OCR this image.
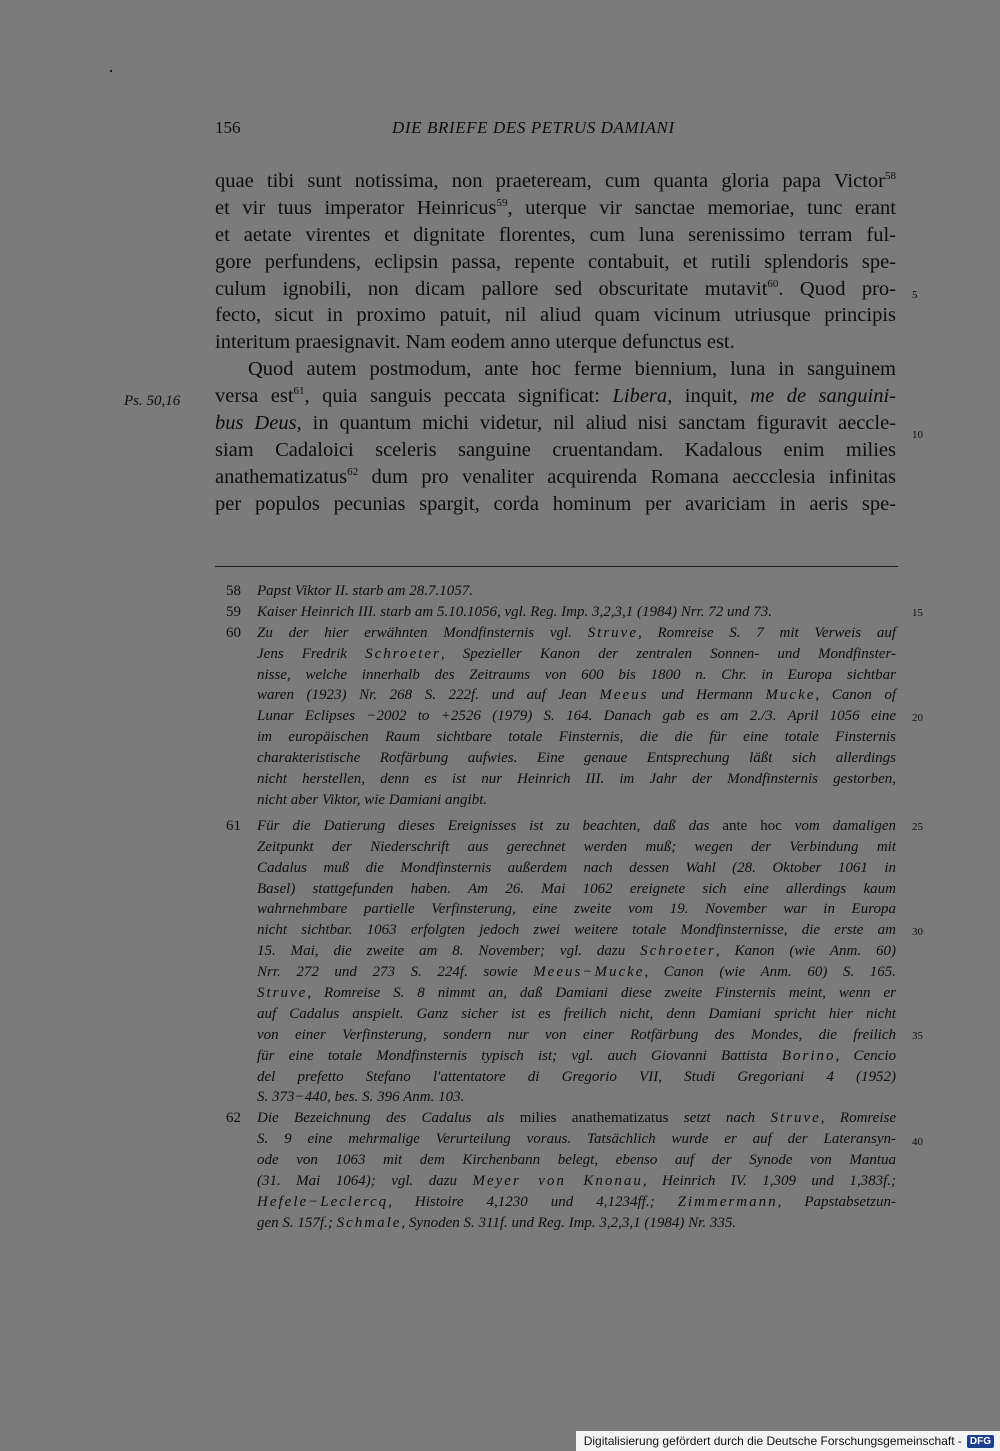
156	DIE BRIEFE DES PETRUS DAMIANI
Ps. 50,16
5
10
15
20
25
30
35
40
quae tibi sunt notissima, non praeteream, cum quanta gloria papa Victor$^{58}$
et vir tuus imperator Heinricus$^{59}$, uterque vir sanctae memoriae, tunc erant
et aetate virentes et dignitate florentes, cum luna serenissimo terram ful-
gore perfundens, eclipsin passa, repente contabuit, et rutili splendoris spe-
culum ignobili, non dicam pallore sed obscuritate mutavit$^{60}$. Quod pro-
fecto, sicut in proximo patuit, nil aliud quam vicinum utriusque principis
interitum praesignavit. Nam eodem anno uterque defunctus est.
Quod autem postmodum, ante hoc ferme biennium, luna in sanguinem
versa est$^{61}$, quia sanguis peccata significat: Libera, inquit, me de sanguini-
bus Deus, in quantum michi videtur, nil aliud nisi sanctam figuravit aeccle-
siam Cadaloici sceleris sanguine cruentandam. Kadalous enim milies
anathematizatus$^{62}$ dum pro venaliter acquirenda Romana aeccclesia infinitas
per populos pecunias spargit, corda hominum per avariciam in aeris spe-
58	Papst Viktor II. starb am 28.7.1057.
59	Kaiser Heinrich III. starb am 5.10.1056, vgl. Reg. Imp. 3,2,3,1 (1984) Nrr. 72 und 73.
60	Zu der hier erwähnten Mondfinsternis vgl. Struve, Romreise S. 7 mit Verweis auf
Jens Fredrik Schroeter, Spezieller Kanon der zentralen Sonnen- und Mondfinster-
nisse, welche innerhalb des Zeitraums von 600 bis 1800 n. Chr. in Europa sichtbar
waren (1923) Nr. 268 S. 222f. und auf Jean Meeus und Hermann Mucke, Canon of
Lunar Eclipses −2002 to +2526 (1979) S. 164. Danach gab es am 2./3. April 1056 eine
im europäischen Raum sichtbare totale Finsternis, die die für eine totale Finsternis
charakteristische Rotfärbung aufwies. Eine genaue Entsprechung läßt sich allerdings
nicht herstellen, denn es ist nur Heinrich III. im Jahr der Mondfinsternis gestorben,
nicht aber Viktor, wie Damiani angibt.
61	Für die Datierung dieses Ereignisses ist zu beachten, daß das ante hoc vom damaligen
Zeitpunkt der Niederschrift aus gerechnet werden muß; wegen der Verbindung mit
Cadalus muß die Mondfinsternis außerdem nach dessen Wahl (28. Oktober 1061 in
Basel) stattgefunden haben. Am 26. Mai 1062 ereignete sich eine allerdings kaum
wahrnehmbare partielle Verfinsterung, eine zweite vom 19. November war in Europa
nicht sichtbar. 1063 erfolgten jedoch zwei weitere totale Mondfinsternisse, die erste am
15. Mai, die zweite am 8. November; vgl. dazu Schroeter, Kanon (wie Anm. 60)
Nrr. 272 und 273 S. 224f. sowie Meeus−Mucke, Canon (wie Anm. 60) S. 165.
Struve, Romreise S. 8 nimmt an, daß Damiani diese zweite Finsternis meint, wenn er
auf Cadalus anspielt. Ganz sicher ist es freilich nicht, denn Damiani spricht hier nicht
von einer Verfinsterung, sondern nur von einer Rotfärbung des Mondes, die freilich
für eine totale Mondfinsternis typisch ist; vgl. auch Giovanni Battista Borino, Cencio
del prefetto Stefano l'attentatore di Gregorio VII, Studi Gregoriani 4 (1952)
S. 373−440, bes. S. 396 Anm. 103.
62	Die Bezeichnung des Cadalus als milies anathematizatus setzt nach Struve, Romreise
S. 9 eine mehrmalige Verurteilung voraus. Tatsächlich wurde er auf der Lateransyn-
ode von 1063 mit dem Kirchenbann belegt, ebenso auf der Synode von Mantua
(31. Mai 1064); vgl. dazu Meyer von Knonau, Heinrich IV. 1,309 und 1,383f.;
Hefele−Leclercq, Histoire 4,1230 und 4,1234ff.; Zimmermann, Papstabsetzun-
gen S. 157f.; Schmale, Synoden S. 311f. und Reg. Imp. 3,2,3,1 (1984) Nr. 335.
Digitalisierung gefördert durch die Deutsche Forschungsgemeinschaft - DFG
